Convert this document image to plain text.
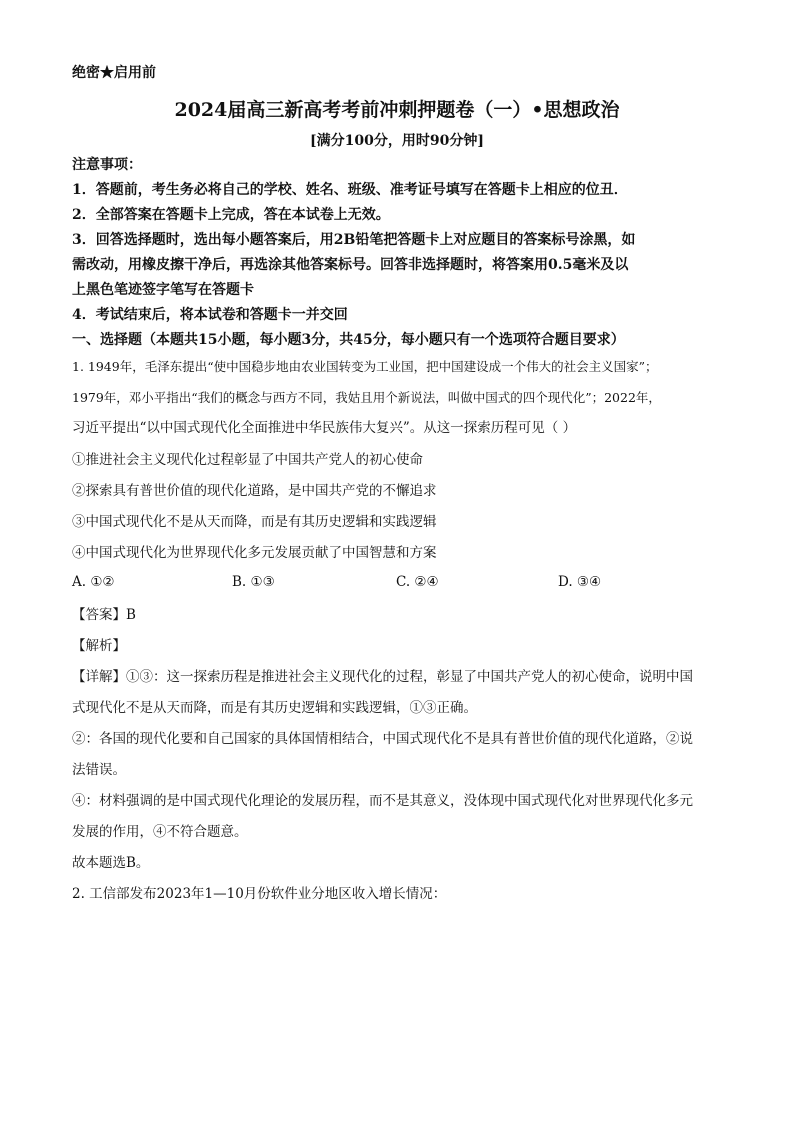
绝密★启用前
2024届高三新高考考前冲刺押题卷（一）•思想政治
[满分100分，用时90分钟]
注意事项：
1．答题前，考生务必将自己的学校、姓名、班级、准考证号填写在答题卡上相应的位丑．
2．全部答案在答题卡上完成，答在本试卷上无效。
3．回答选择题时，选出每小题答案后，用2B铅笔把答题卡上对应题目的答案标号涂黑，如
需改动，用橡皮擦干净后，再选涂其他答案标号。回答非选择题时，将答案用0.5毫米及以
上黑色笔迹签字笔写在答题卡
4．考试结束后，将本试卷和答题卡一并交回
一、选择题（本题共15小题，每小题3分，共45分，每小题只有一个选项符合题目要求）
1. 1949年，毛泽东提出“使中国稳步地由农业国转变为工业国，把中国建设成一个伟大的社会主义国家”；
1979年，邓小平指出“我们的概念与西方不同，我姑且用个新说法，叫做中国式的四个现代化”；2022年，
习近平提出“以中国式现代化全面推进中华民族伟大复兴”。从这一探索历程可见（ ）
①推进社会主义现代化过程彰显了中国共产党人的初心使命
②探索具有普世价值的现代化道路，是中国共产党的不懈追求
③中国式现代化不是从天而降，而是有其历史逻辑和实践逻辑
④中国式现代化为世界现代化多元发展贡献了中国智慧和方案
A. ①②	B. ①③	C. ②④	D. ③④
【答案】B
【解析】
【详解】①③：这一探索历程是推进社会主义现代化的过程，彰显了中国共产党人的初心使命，说明中国
式现代化不是从天而降，而是有其历史逻辑和实践逻辑，①③正确。
②：各国的现代化要和自己国家的具体国情相结合，中国式现代化不是具有普世价值的现代化道路，②说
法错误。
④：材料强调的是中国式现代化理论的发展历程，而不是其意义，没体现中国式现代化对世界现代化多元
发展的作用，④不符合题意。
故本题选B。
2. 工信部发布2023年1—10月份软件业分地区收入增长情况：
